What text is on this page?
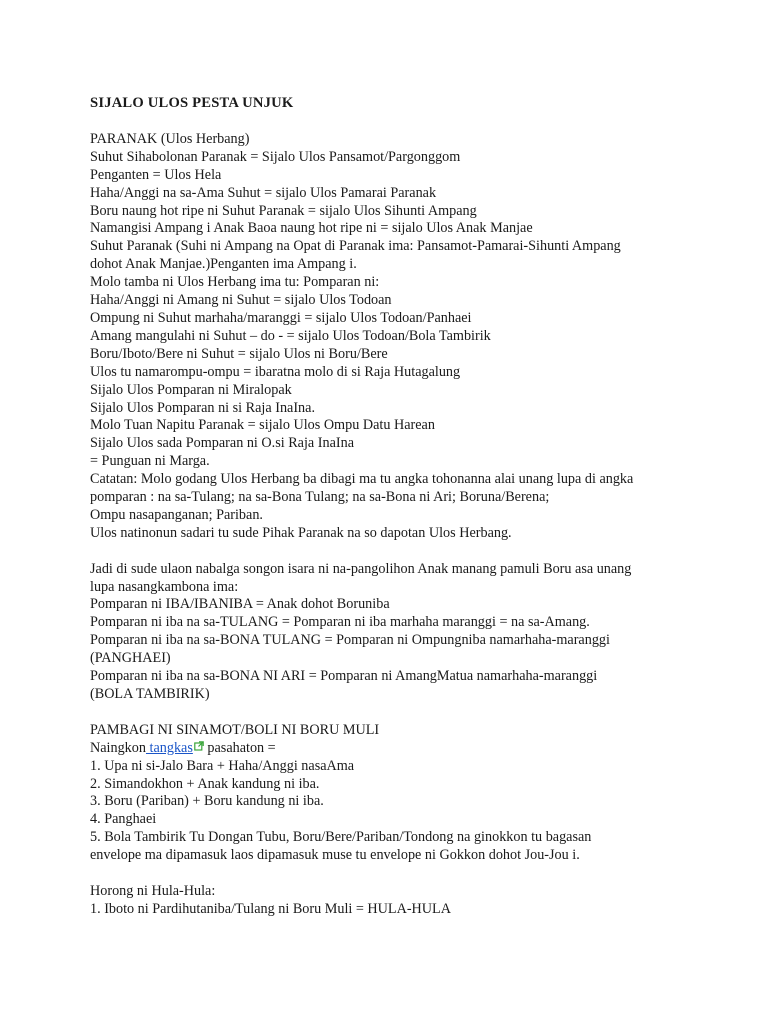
SIJALO ULOS PESTA UNJUK
PARANAK (Ulos Herbang)
Suhut Sihabolonan Paranak = Sijalo Ulos Pansamot/Pargonggom
Penganten = Ulos Hela
Haha/Anggi na sa-Ama Suhut = sijalo Ulos Pamarai Paranak
Boru naung hot ripe ni Suhut Paranak = sijalo Ulos Sihunti Ampang
Namangisi Ampang i Anak Baoa naung hot ripe ni = sijalo Ulos Anak Manjae
Suhut Paranak (Suhi ni Ampang na Opat di Paranak ima: Pansamot-Pamarai-Sihunti Ampang
dohot Anak Manjae.)Penganten ima Ampang i.
Molo tamba ni Ulos Herbang ima tu: Pomparan ni:
Haha/Anggi ni Amang ni Suhut = sijalo Ulos Todoan
Ompung ni Suhut marhaha/maranggi = sijalo Ulos Todoan/Panhaei
Amang mangulahi ni Suhut – do - = sijalo Ulos Todoan/Bola Tambirik
Boru/Iboto/Bere ni Suhut = sijalo Ulos ni Boru/Bere
Ulos tu namarompu-ompu = ibaratna molo di si Raja Hutagalung
Sijalo Ulos Pomparan ni Miralopak
Sijalo Ulos Pomparan ni si Raja InaIna.
Molo Tuan Napitu Paranak = sijalo Ulos Ompu Datu Harean
Sijalo Ulos sada Pomparan ni O.si Raja InaIna
= Punguan ni Marga.
Catatan: Molo godang Ulos Herbang ba dibagi ma tu angka tohonanna alai unang lupa di angka
pomparan : na sa-Tulang; na sa-Bona Tulang; na sa-Bona ni Ari; Boruna/Berena;
Ompu nasapanganan; Pariban.
Ulos natinonun sadari tu sude Pihak Paranak na so dapotan Ulos Herbang.
Jadi di sude ulaon nabalga songon isara ni na-pangolihon Anak manang pamuli Boru asa unang
lupa nasangkambona ima:
Pomparan ni IBA/IBANIBA = Anak dohot Boruniba
Pomparan ni iba na sa-TULANG = Pomparan ni iba marhaha maranggi = na sa-Amang.
Pomparan ni iba na sa-BONA TULANG = Pomparan ni Ompungniba namarhaha-maranggi
(PANGHAEI)
Pomparan ni iba na sa-BONA NI ARI = Pomparan ni AmangMatua namarhaha-maranggi
(BOLA TAMBIRIK)
PAMBAGI NI SINAMOT/BOLI NI BORU MULI
Naingkon tangkas pasahaton =
1. Upa ni si-Jalo Bara + Haha/Anggi nasaAma
2. Simandokhon + Anak kandung ni iba.
3. Boru (Pariban) + Boru kandung ni iba.
4. Panghaei
5. Bola Tambirik Tu Dongan Tubu, Boru/Bere/Pariban/Tondong na ginokkon tu bagasan
envelope ma dipamasuk laos dipamasuk muse tu envelope ni Gokkon dohot Jou-Jou i.
Horong ni Hula-Hula:
1. Iboto ni Pardihutaniba/Tulang ni Boru Muli = HULA-HULA
